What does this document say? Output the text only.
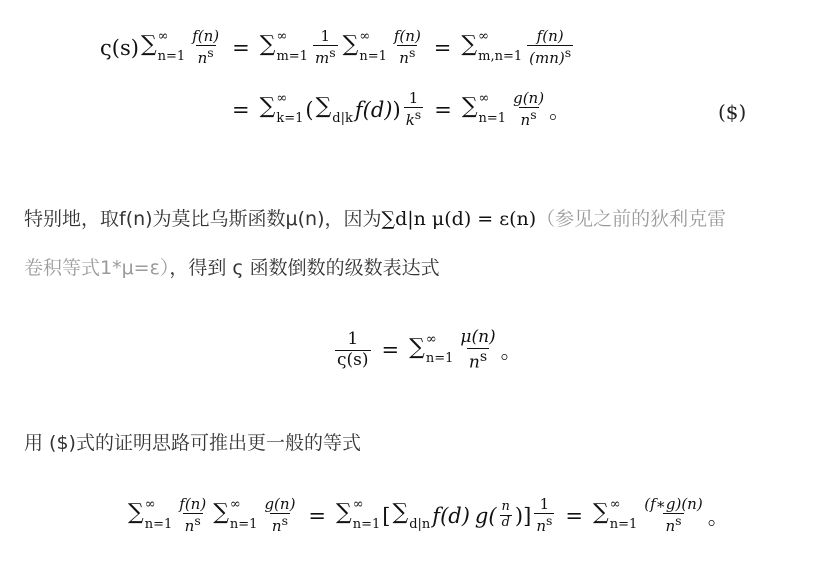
ς(s) ∑ ∞
$n=1 \frac{f(n)}{n^s}$ = ∑ ∞
$m=1 \frac{1}{m^s}$ ∑ ∞
$n=1 \frac{f(n)}{n^s}$ = ∑ ∞
$m,n=1 \frac{f(n)}{(mn)^s}$
= ∑ ∞
k=1 ( ∑
d|k f(d) ) $\frac{1}{k^s}$ = ∑ ∞
$n=1 \frac{g(n)}{n^s}$ 。	($)
特别地，取f(n)为莫比乌斯函数μ(n)，因为∑d|n μ(d) = ε(n)（参见之前的狄利克雷
卷积等式1*μ=ε），得到 ς 函数倒数的级数表达式
$\frac{1}{\varsigma(s)}$ = ∑ ∞
$n=1 \frac{\mu(n)}{n^s}$ 。
用 ($)式的证明思路可推出更一般的等式
∑ ∞
$n=1 \frac{f(n)}{n^s}$ ∑ ∞
$n=1 \frac{g(n)}{n^s}$ = ∑ ∞
n=1 [ ∑
d|n f(d) $g( \frac{n}{d}$ )] $\frac{1}{n^s}$ = ∑ ∞
$n=1 \frac{(f∗g)(n)}{n^s}$ 。
